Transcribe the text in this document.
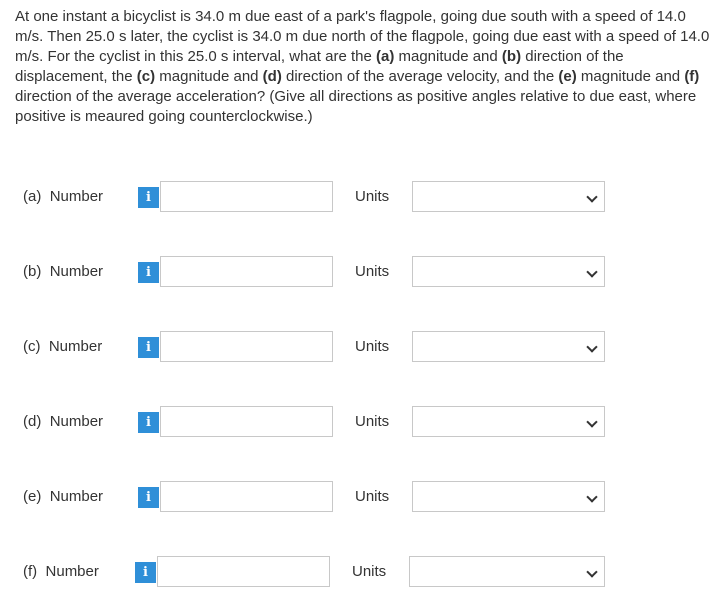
At one instant a bicyclist is 34.0 m due east of a park's flagpole, going due south with a speed of 14.0 m/s. Then 25.0 s later, the cyclist is 34.0 m due north of the flagpole, going due east with a speed of 14.0 m/s. For the cyclist in this 25.0 s interval, what are the (a) magnitude and (b) direction of the displacement, the (c) magnitude and (d) direction of the average velocity, and the (e) magnitude and (f) direction of the average acceleration? (Give all directions as positive angles relative to due east, where positive is meaured going counterclockwise.)
(a) Number	i	Units
(b) Number	i	Units
(c) Number	i	Units
(d) Number	i	Units
(e) Number	i	Units
(f) Number	i	Units
